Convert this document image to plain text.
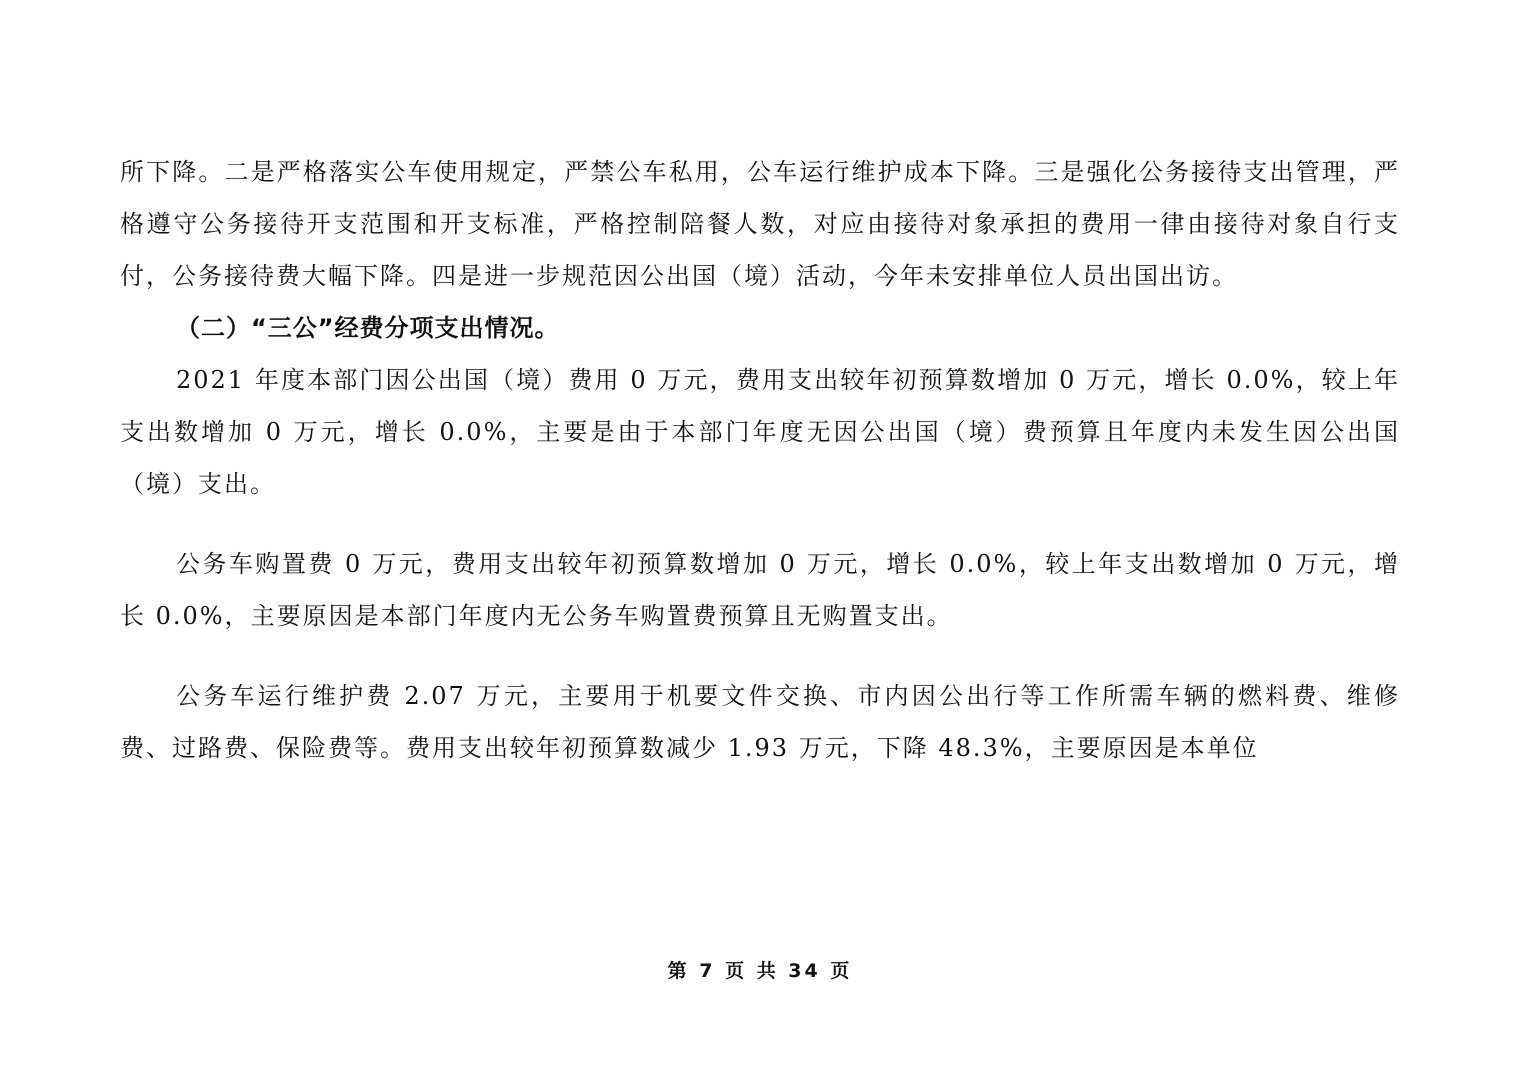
所下降。二是严格落实公车使用规定，严禁公车私用，公车运行维护成本下降。三是强化公务接待支出管理，严格遵守公务接待开支范围和开支标准，严格控制陪餐人数，对应由接待对象承担的费用一律由接待对象自行支付，公务接待费大幅下降。四是进一步规范因公出国（境）活动，今年未安排单位人员出国出访。

（二）“三公”经费分项支出情况。

2021 年度本部门因公出国（境）费用 0 万元，费用支出较年初预算数增加 0 万元，增长 0.0%，较上年支出数增加 0 万元，增长 0.0%，主要是由于本部门年度无因公出国（境）费预算且年度内未发生因公出国（境）支出。

公务车购置费 0 万元，费用支出较年初预算数增加 0 万元，增长 0.0%，较上年支出数增加 0 万元，增长 0.0%，主要原因是本部门年度内无公务车购置费预算且无购置支出。

公务车运行维护费 2.07 万元，主要用于机要文件交换、市内因公出行等工作所需车辆的燃料费、维修费、过路费、保险费等。费用支出较年初预算数减少 1.93 万元，下降 48.3%，主要原因是本单位

第 7 页 共 34 页
